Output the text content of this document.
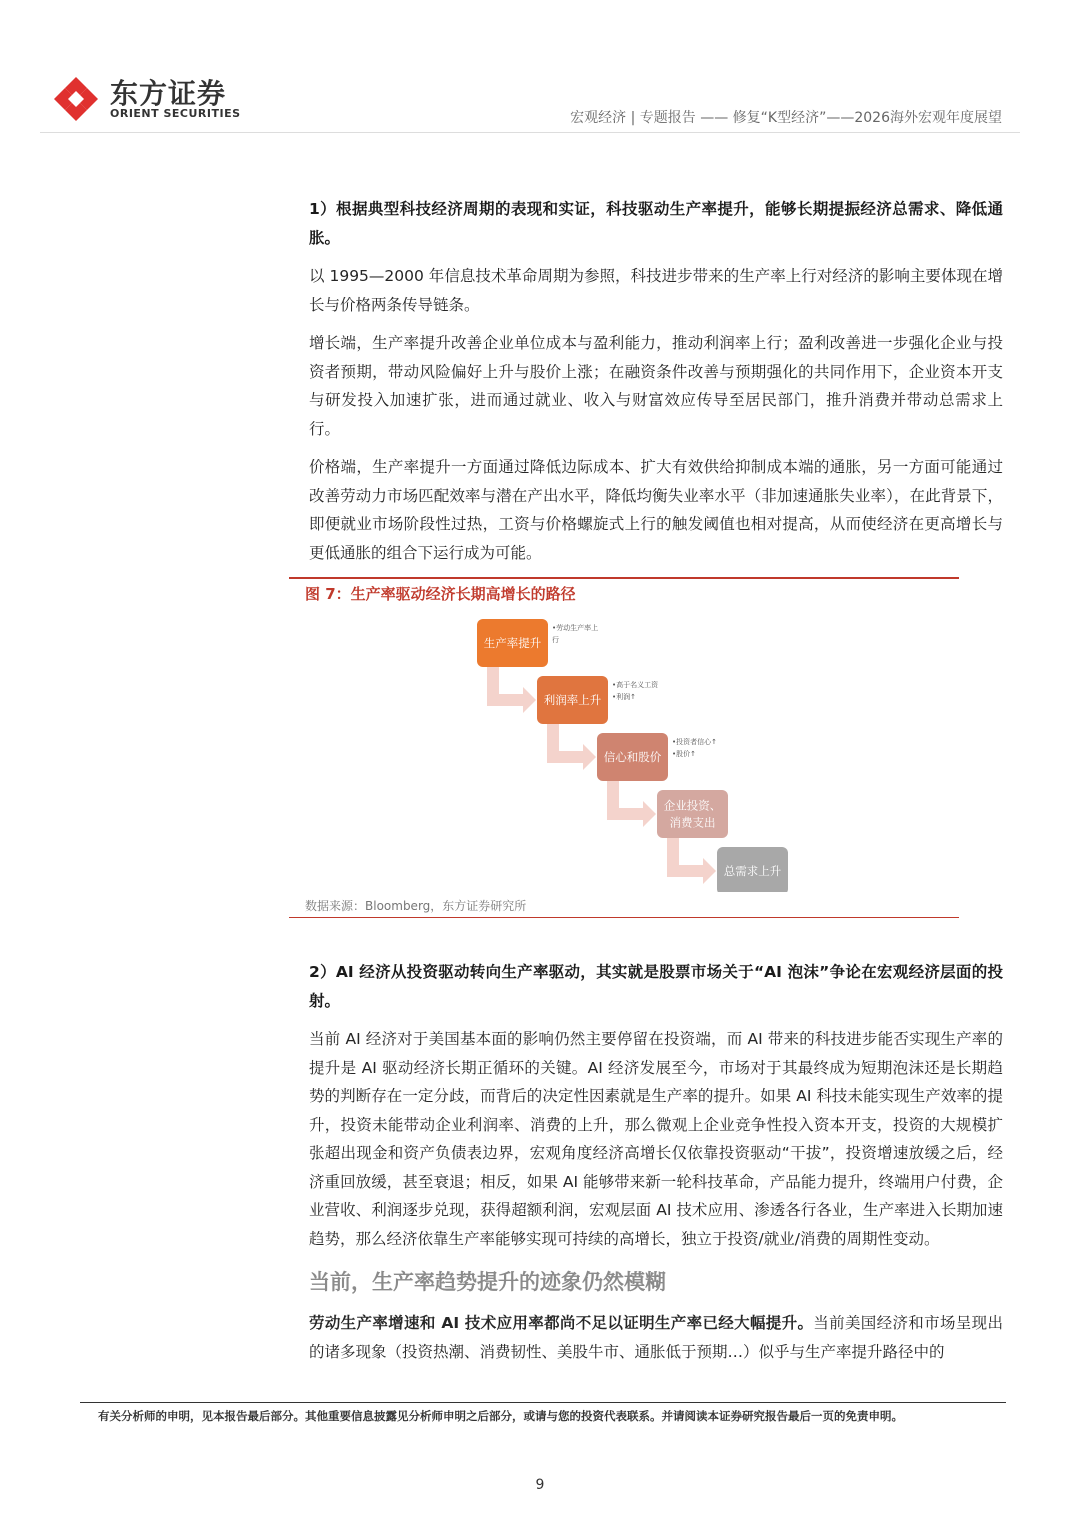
东方证券
ORIENT SECURITIES	宏观经济 | 专题报告 —— 修复“K型经济”——2026海外宏观年度展望

1）根据典型科技经济周期的表现和实证，科技驱动生产率提升，能够长期提振经济总需求、降低通胀。

以 1995—2000 年信息技术革命周期为参照，科技进步带来的生产率上行对经济的影响主要体现在增长与价格两条传导链条。

增长端，生产率提升改善企业单位成本与盈利能力，推动利润率上行；盈利改善进一步强化企业与投资者预期，带动风险偏好上升与股价上涨；在融资条件改善与预期强化的共同作用下，企业资本开支与研发投入加速扩张，进而通过就业、收入与财富效应传导至居民部门，推升消费并带动总需求上行。

价格端，生产率提升一方面通过降低边际成本、扩大有效供给抑制成本端的通胀，另一方面可能通过改善劳动力市场匹配效率与潜在产出水平，降低均衡失业率水平（非加速通胀失业率），在此背景下，即便就业市场阶段性过热，工资与价格螺旋式上行的触发阈值也相对提高，从而使经济在更高增长与更低通胀的组合下运行成为可能。

图 7：生产率驱动经济长期高增长的路径
生产率提升
•劳动生产率上
行
利润率上升
•高于名义工资
•利润↑
信心和股价
•投资者信心↑
•股价↑
企业投资、
消费支出
总需求上升
数据来源：Bloomberg，东方证券研究所

2）AI 经济从投资驱动转向生产率驱动，其实就是股票市场关于“AI 泡沫”争论在宏观经济层面的投射。

当前 AI 经济对于美国基本面的影响仍然主要停留在投资端，而 AI 带来的科技进步能否实现生产率的提升是 AI 驱动经济长期正循环的关键。AI 经济发展至今，市场对于其最终成为短期泡沫还是长期趋势的判断存在一定分歧，而背后的决定性因素就是生产率的提升。如果 AI 科技未能实现生产效率的提升，投资未能带动企业利润率、消费的上升，那么微观上企业竞争性投入资本开支，投资的大规模扩张超出现金和资产负债表边界，宏观角度经济高增长仅依靠投资驱动“干拔”，投资增速放缓之后，经济重回放缓，甚至衰退；相反，如果 AI 能够带来新一轮科技革命，产品能力提升，终端用户付费，企业营收、利润逐步兑现，获得超额利润，宏观层面 AI 技术应用、渗透各行各业，生产率进入长期加速趋势，那么经济依靠生产率能够实现可持续的高增长，独立于投资/就业/消费的周期性变动。

当前，生产率趋势提升的迹象仍然模糊

劳动生产率增速和 AI 技术应用率都尚不足以证明生产率已经大幅提升。当前美国经济和市场呈现出的诸多现象（投资热潮、消费韧性、美股牛市、通胀低于预期…）似乎与生产率提升路径中的

有关分析师的申明，见本报告最后部分。其他重要信息披露见分析师申明之后部分，或请与您的投资代表联系。并请阅读本证券研究报告最后一页的免责申明。
9
